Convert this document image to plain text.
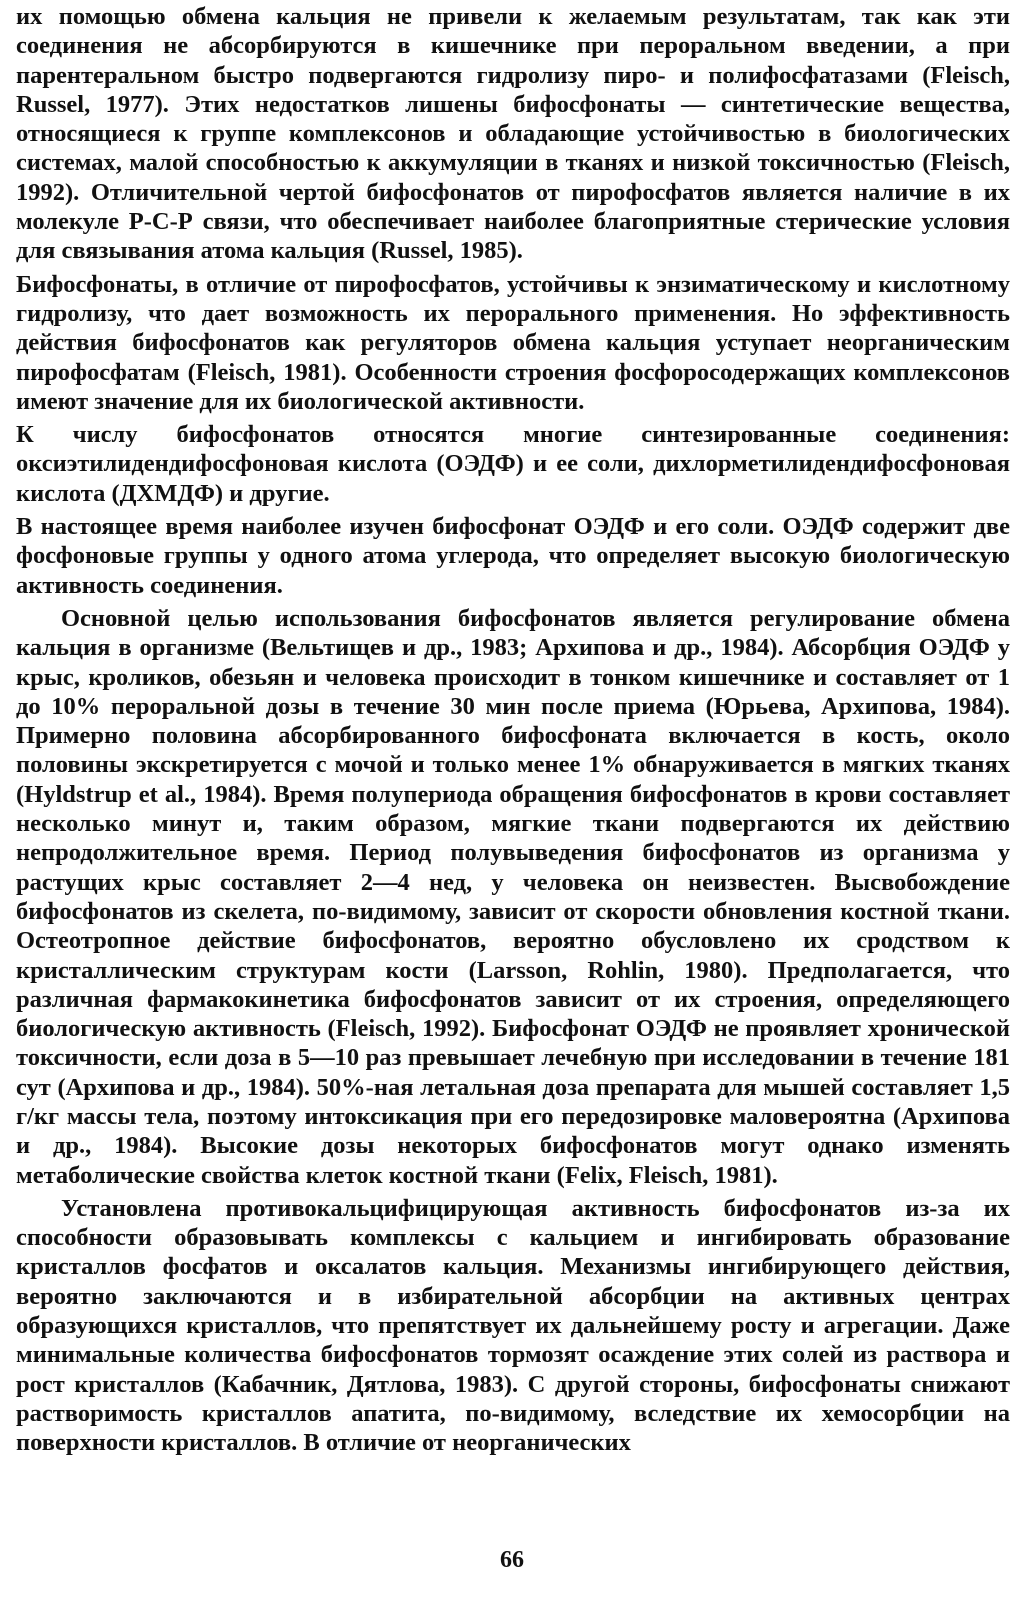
их помощью обмена кальция не привели к желаемым результатам, так как эти соединения не абсорбируются в кишечнике при пероральном введении, а при парентеральном быстро подвергаются гидролизу пиро- и полифосфатазами (Fleisch, Russel, 1977). Этих недостатков лишены бифосфонаты — синтетические вещества, относящиеся к группе комплексонов и обладающие устойчивостью в биологических системах, малой способностью к аккумуляции в тканях и низкой токсичностью (Fleisch, 1992). Отличительной чертой бифосфонатов от пирофосфатов является наличие в их молекуле Р-С-Р связи, что обеспечивает наиболее благоприятные стерические условия для связывания атома кальция (Russel, 1985).

Бифосфонаты, в отличие от пирофосфатов, устойчивы к энзиматическому и кислотному гидролизу, что дает возможность их перорального применения. Но эффективность действия бифосфонатов как регуляторов обмена кальция уступает неорганическим пирофосфатам (Fleisch, 1981). Особенности строения фосфоросодержащих комплексонов имеют значение для их биологической активности.

К числу бифосфонатов относятся многие синтезированные соединения: оксиэтилидендифосфоновая кислота (ОЭДФ) и ее соли, дихлорметилидендифосфоновая кислота (ДХМДФ) и другие.

В настоящее время наиболее изучен бифосфонат ОЭДФ и его соли. ОЭДФ содержит две фосфоновые группы у одного атома углерода, что определяет высокую биологическую активность соединения.

Основной целью использования бифосфонатов является регулирование обмена кальция в организме (Вельтищев и др., 1983; Архипова и др., 1984). Абсорбция ОЭДФ у крыс, кроликов, обезьян и человека происходит в тонком кишечнике и составляет от 1 до 10% пероральной дозы в течение 30 мин после приема (Юрьева, Архипова, 1984). Примерно половина абсорбированного бифосфоната включается в кость, около половины экскретируется с мочой и только менее 1% обнаруживается в мягких тканях (Hyldstrup et al., 1984). Время полупериода обращения бифосфонатов в крови составляет несколько минут и, таким образом, мягкие ткани подвергаются их действию непродолжительное время. Период полувыведения бифосфонатов из организма у растущих крыс составляет 2—4 нед, у человека он неизвестен. Высвобождение бифосфонатов из скелета, по-видимому, зависит от скорости обновления костной ткани. Остеотропное действие бифосфонатов, вероятно обусловлено их сродством к кристаллическим структурам кости (Larsson, Rohlin, 1980). Предполагается, что различная фармакокинетика бифосфонатов зависит от их строения, определяющего биологическую активность (Fleisch, 1992). Бифосфонат ОЭДФ не проявляет хронической токсичности, если доза в 5—10 раз превышает лечебную при исследовании в течение 181 сут (Архипова и др., 1984). 50%-ная летальная доза препарата для мышей составляет 1,5 г/кг массы тела, поэтому интоксикация при его передозировке маловероятна (Архипова и др., 1984). Высокие дозы некоторых бифосфонатов могут однако изменять метаболические свойства клеток костной ткани (Felix, Fleisch, 1981).

Установлена противокальцифицирующая активность бифосфонатов из-за их способности образовывать комплексы с кальцием и ингибировать образование кристаллов фосфатов и оксалатов кальция. Механизмы ингибирующего действия, вероятно заключаются и в избирательной абсорбции на активных центрах образующихся кристаллов, что препятствует их дальнейшему росту и агрегации. Даже минимальные количества бифосфонатов тормозят осаждение этих солей из раствора и рост кристаллов (Кабачник, Дятлова, 1983). С другой стороны, бифосфонаты снижают растворимость кристаллов апатита, по-видимому, вследствие их хемосорбции на поверхности кристаллов. В отличие от неорганических

66
